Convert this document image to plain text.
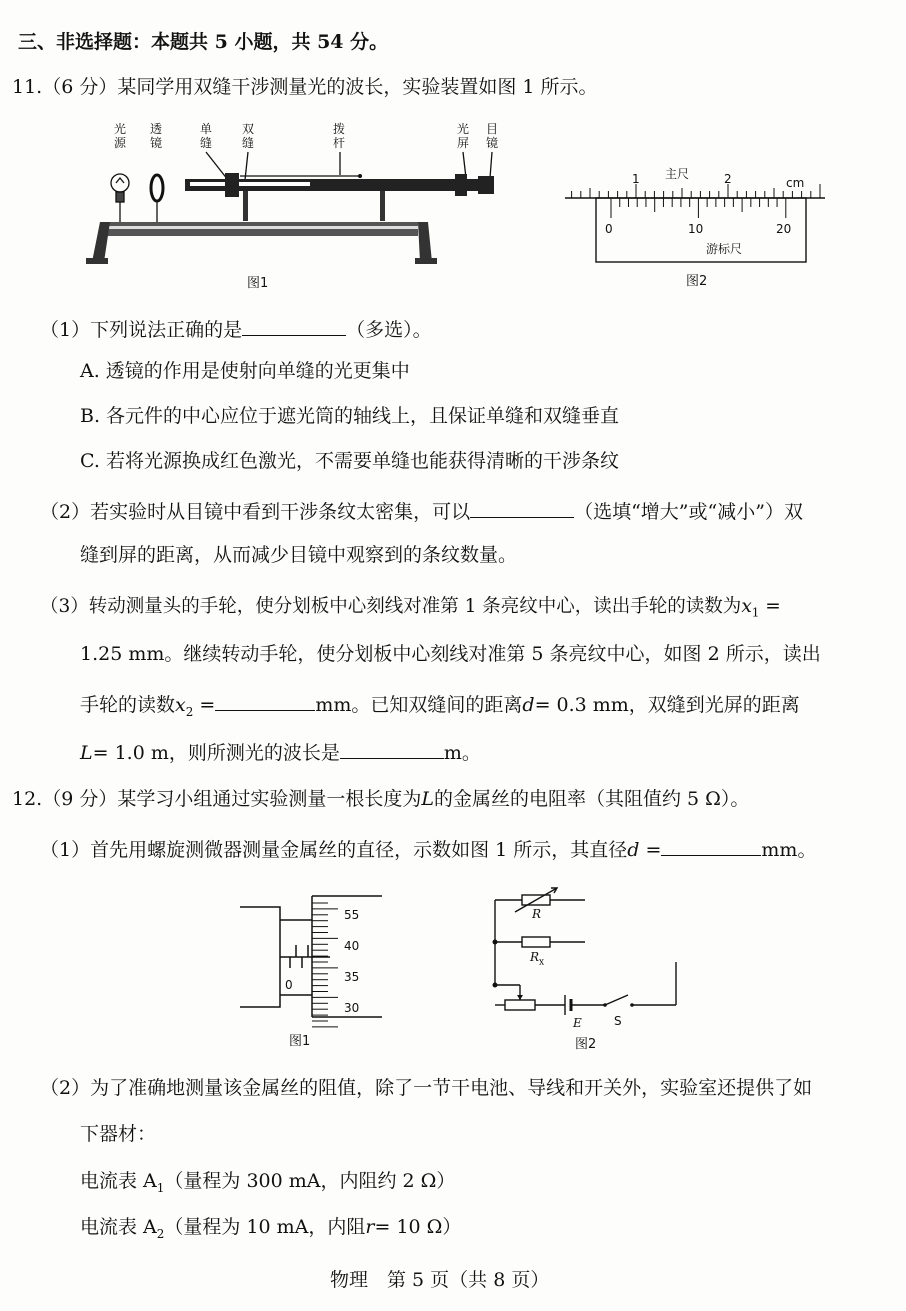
三、非选择题：本题共 5 小题，共 54 分。
11.（6 分）某同学用双缝干涉测量光的波长，实验装置如图 1 所示。
光源
透镜
单缝
双缝
拨杆
光屏
目镜
图1
主尺
cm
1	2
0	10	20
游标尺
图2
（1）下列说法正确的是	（多选）。
A. 透镜的作用是使射向单缝的光更集中
B. 各元件的中心应位于遮光筒的轴线上，且保证单缝和双缝垂直
C. 若将光源换成红色激光，不需要单缝也能获得清晰的干涉条纹
（2）若实验时从目镜中看到干涉条纹太密集，可以	（选填“增大”或“减小”）双
缝到屏的距离，从而减少目镜中观察到的条纹数量。
（3）转动测量头的手轮，使分划板中心刻线对准第 1 条亮纹中心，读出手轮的读数为$x_1$ =
1.25 mm。继续转动手轮，使分划板中心刻线对准第 5 条亮纹中心，如图 2 所示，读出
手轮的读数$x_2$ =	mm。已知双缝间的距离d= 0.3 mm，双缝到光屏的距离
L= 1.0 m，则所测光的波长是	m。
12.（9 分）某学习小组通过实验测量一根长度为L的金属丝的电阻率（其阻值约 5 Ω）。
（1）首先用螺旋测微器测量金属丝的直径，示数如图 1 所示，其直径d =	mm。
55
40
35
30
0
图1
R
$R_x$
E	S
图2
（2）为了准确地测量该金属丝的阻值，除了一节干电池、导线和开关外，实验室还提供了如
下器材：
电流表 $A_1$（量程为 300 mA，内阻约 2 Ω）
电流表 $A_2$（量程为 10 mA，内阻r= 10 Ω）
物理　第 5 页（共 8 页）
